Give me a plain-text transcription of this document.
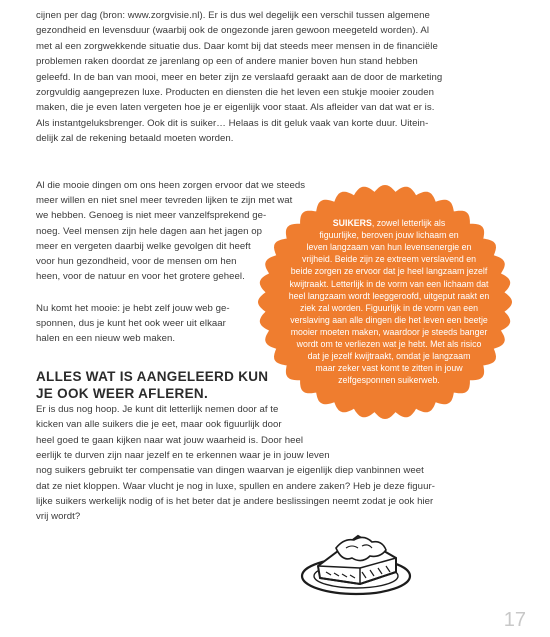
cijnen per dag (bron: www.zorgvisie.nl). Er is dus wel degelijk een verschil tussen algemene
gezondheid en levensduur (waarbij ook de ongezonde jaren gewoon meegeteld worden). Al
met al een zorgwekkende situatie dus. Daar komt bij dat steeds meer mensen in de financiële
problemen raken doordat ze jarenlang op een of andere manier boven hun stand hebben
geleefd. In de ban van mooi, meer en beter zijn ze verslaafd geraakt aan de door de marketing
zorgvuldig aangeprezen luxe. Producten en diensten die het leven een stukje mooier zouden
maken, die je even laten vergeten hoe je er eigenlijk voor staat. Als afleider van dat wat er is.
Als instantgeluksbrenger. Ook dit is suiker… Helaas is dit geluk vaak van korte duur. Uitein-
delijk zal de rekening betaald moeten worden.
Al die mooie dingen om ons heen zorgen ervoor dat we steeds
meer willen en niet snel meer tevreden lijken te zijn met wat
we hebben. Genoeg is niet meer vanzelfsprekend ge-
noeg. Veel mensen zijn hele dagen aan het jagen op
meer en vergeten daarbij welke gevolgen dit heeft
voor hun gezondheid, voor de mensen om hen
heen, voor de natuur en voor het grotere geheel.
Nu komt het mooie: je hebt zelf jouw web ge-
sponnen, dus je kunt het ook weer uit elkaar
halen en een nieuw web maken.
ALLES WAT IS AANGELEERD KUN
JE OOK WEER AFLEREN.
Er is dus nog hoop. Je kunt dit letterlijk nemen door af te
kicken van alle suikers die je eet, maar ook figuurlijk door
heel goed te gaan kijken naar wat jouw waarheid is. Door heel
eerlijk te durven zijn naar jezelf en te erkennen waar je in jouw leven
nog suikers gebruikt ter compensatie van dingen waarvan je eigenlijk diep vanbinnen weet
dat ze niet kloppen. Waar vlucht je nog in luxe, spullen en andere zaken? Heb je deze figuur-
lijke suikers werkelijk nodig of is het beter dat je andere beslissingen neemt zodat je ook hier
vrij wordt?
SUIKERS, zowel letterlijk als
figuurlijke, beroven jouw lichaam en
leven langzaam van hun levensenergie en
vrijheid. Beide zijn ze extreem verslavend en
beide zorgen ze ervoor dat je heel langzaam jezelf
kwijtraakt. Letterlijk in de vorm van een lichaam dat
heel langzaam wordt leeggeroofd, uitgeput raakt en
ziek zal worden. Figuurlijk in de vorm van een
verslaving aan alle dingen die het leven een beetje
mooier moeten maken, waardoor je steeds banger
wordt om te verliezen wat je hebt. Met als risico
dat je jezelf kwijtraakt, omdat je langzaam
maar zeker vast komt te zitten in jouw
zelfgesponnen suikerweb.
17
